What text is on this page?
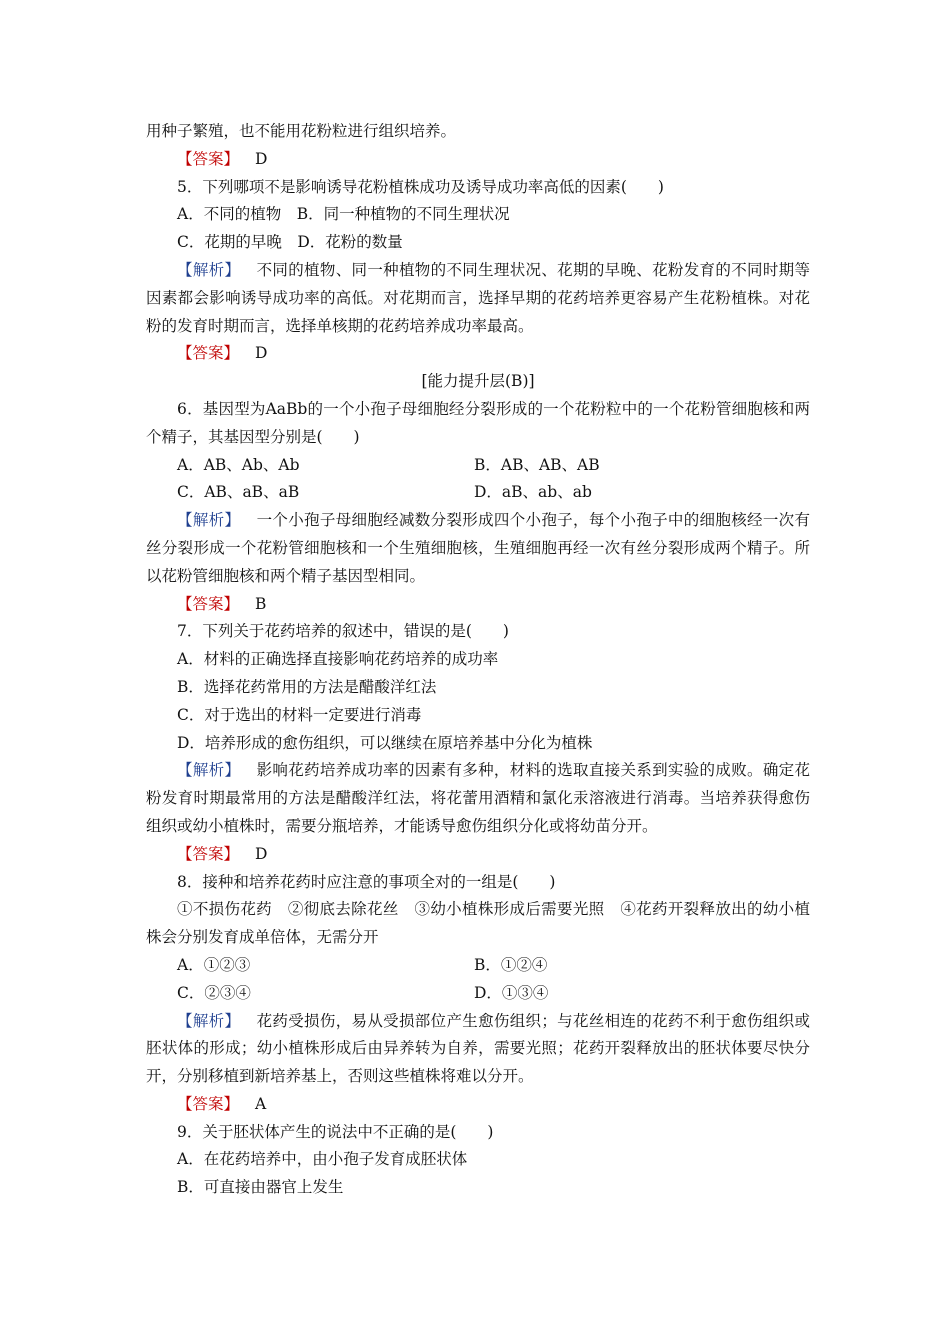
用种子繁殖，也不能用花粉粒进行组织培养。

【答案】 D

5．下列哪项不是影响诱导花粉植株成功及诱导成功率高低的因素(　　)

A．不同的植物　B．同一种植物的不同生理状况

C．花期的早晚　D．花粉的数量

【解析】 不同的植物、同一种植物的不同生理状况、花期的早晚、花粉发育的不同时期等因素都会影响诱导成功率的高低。对花期而言，选择早期的花药培养更容易产生花粉植株。对花粉的发育时期而言，选择单核期的花药培养成功率最高。

【答案】 D

[能力提升层(B)]

6．基因型为AaBb的一个小孢子母细胞经分裂形成的一个花粉粒中的一个花粉管细胞核和两个精子，其基因型分别是(　　)

A．AB、Ab、Ab	B．AB、AB、AB
C．AB、aB、aB	D．aB、ab、ab

【解析】 一个小孢子母细胞经减数分裂形成四个小孢子，每个小孢子中的细胞核经一次有丝分裂形成一个花粉管细胞核和一个生殖细胞核，生殖细胞再经一次有丝分裂形成两个精子。所以花粉管细胞核和两个精子基因型相同。

【答案】 B

7．下列关于花药培养的叙述中，错误的是(　　)

A．材料的正确选择直接影响花药培养的成功率

B．选择花药常用的方法是醋酸洋红法

C．对于选出的材料一定要进行消毒

D．培养形成的愈伤组织，可以继续在原培养基中分化为植株

【解析】 影响花药培养成功率的因素有多种，材料的选取直接关系到实验的成败。确定花粉发育时期最常用的方法是醋酸洋红法，将花蕾用酒精和氯化汞溶液进行消毒。当培养获得愈伤组织或幼小植株时，需要分瓶培养，才能诱导愈伤组织分化或将幼苗分开。

【答案】 D

8．接种和培养花药时应注意的事项全对的一组是(　　)

①不损伤花药　②彻底去除花丝　③幼小植株形成后需要光照　④花药开裂释放出的幼小植株会分别发育成单倍体，无需分开

A．①②③	B．①②④
C．②③④	D．①③④

【解析】 花药受损伤，易从受损部位产生愈伤组织；与花丝相连的花药不利于愈伤组织或胚状体的形成；幼小植株形成后由异养转为自养，需要光照；花药开裂释放出的胚状体要尽快分开，分别移植到新培养基上，否则这些植株将难以分开。

【答案】 A

9．关于胚状体产生的说法中不正确的是(　　)

A．在花药培养中，由小孢子发育成胚状体

B．可直接由器官上发生
